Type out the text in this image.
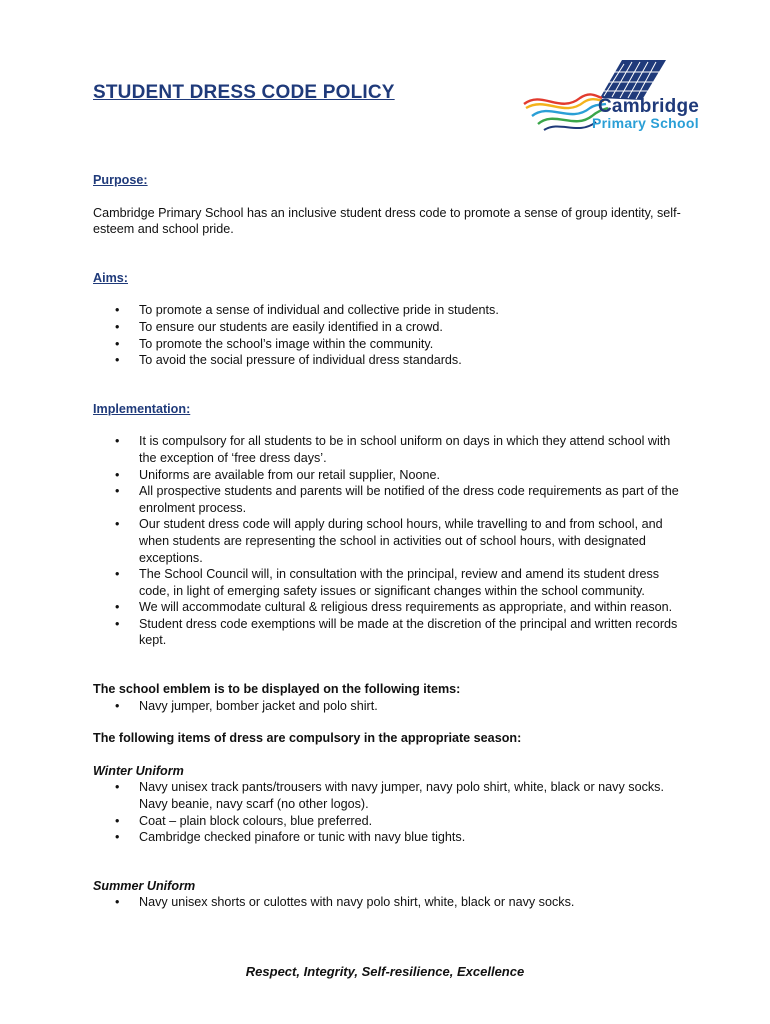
STUDENT DRESS CODE POLICY
Cambridge
Primary School

Purpose:

Cambridge Primary School has an inclusive student dress code to promote a sense of group identity, self- esteem and school pride.

Aims:

• To promote a sense of individual and collective pride in students.
• To ensure our students are easily identified in a crowd.
• To promote the school’s image within the community.
• To avoid the social pressure of individual dress standards.

Implementation:

• It is compulsory for all students to be in school uniform on days in which they attend school with the exception of ‘free dress days’.
• Uniforms are available from our retail supplier, Noone.
• All prospective students and parents will be notified of the dress code requirements as part of the enrolment process.
• Our student dress code will apply during school hours, while travelling to and from school, and when students are representing the school in activities out of school hours, with designated exceptions.
• The School Council will, in consultation with the principal, review and amend its student dress code, in light of emerging safety issues or significant changes within the school community.
• We will accommodate cultural & religious dress requirements as appropriate, and within reason.
• Student dress code exemptions will be made at the discretion of the principal and written records kept.

The school emblem is to be displayed on the following items:

• Navy jumper, bomber jacket and polo shirt.

The following items of dress are compulsory in the appropriate season:

Winter Uniform

• Navy unisex track pants/trousers with navy jumper, navy polo shirt, white, black or navy socks. Navy beanie, navy scarf (no other logos).
• Coat – plain block colours, blue preferred.
• Cambridge checked pinafore or tunic with navy blue tights.

Summer Uniform

• Navy unisex shorts or culottes with navy polo shirt, white, black or navy socks.
Respect, Integrity, Self-resilience, Excellence
